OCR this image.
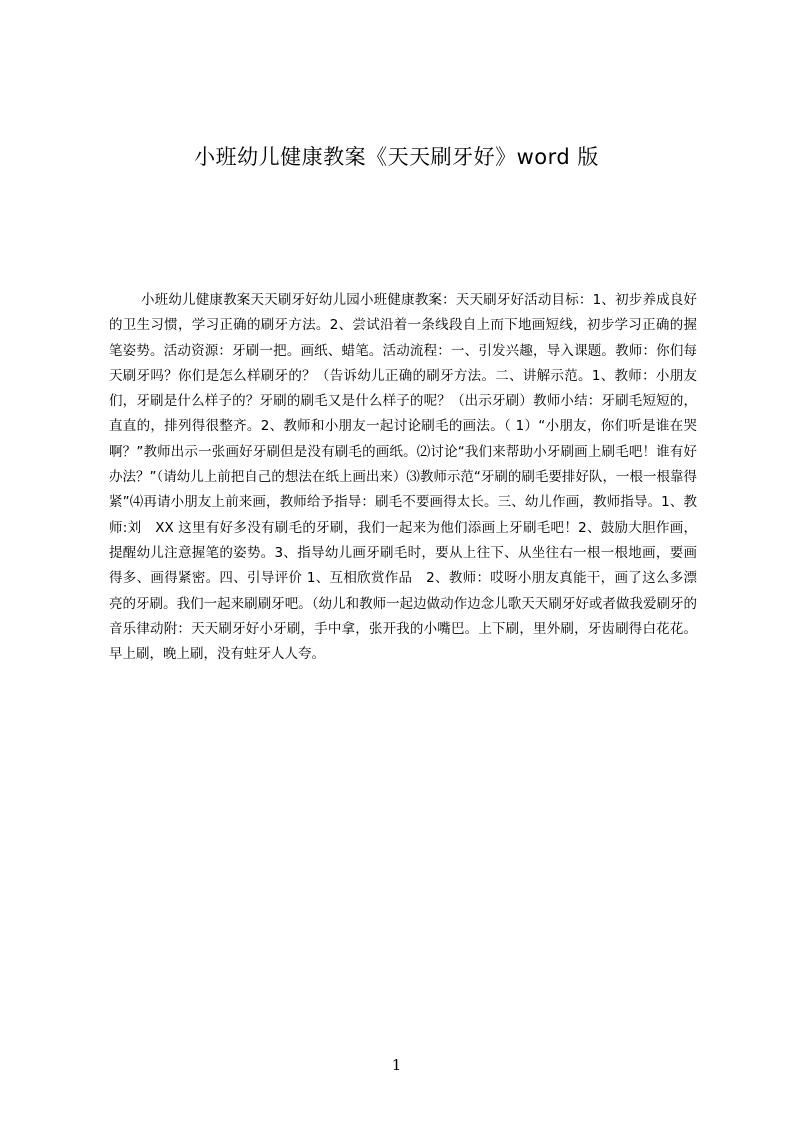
小班幼儿健康教案《天天刷牙好》word 版

小班幼儿健康教案天天刷牙好幼儿园小班健康教案：天天刷牙好活动目标：1、初步养成良好的卫生习惯，学习正确的刷牙方法。2、尝试沿着一条线段自上而下地画短线，初步学习正确的握笔姿势。活动资源：牙刷一把。画纸、蜡笔。活动流程：一、引发兴趣，导入课题。教师：你们每天刷牙吗？你们是怎么样刷牙的？（告诉幼儿正确的刷牙方法。二、讲解示范。1、教师：小朋友们，牙刷是什么样子的？牙刷的刷毛又是什么样子的呢？（出示牙刷）教师小结：牙刷毛短短的，直直的，排列得很整齐。2、教师和小朋友一起讨论刷毛的画法。（ 1）“小朋友，你们听是谁在哭啊？”教师出示一张画好牙刷但是没有刷毛的画纸。⑵讨论“我们来帮助小牙刷画上刷毛吧！谁有好办法？”（请幼儿上前把自己的想法在纸上画出来）⑶教师示范“牙刷的刷毛要排好队，一根一根靠得紧”⑷再请小朋友上前来画，教师给予指导：刷毛不要画得太长。三、幼儿作画，教师指导。1、教师:刘　XX 这里有好多没有刷毛的牙刷，我们一起来为他们添画上牙刷毛吧！2、鼓励大胆作画，提醒幼儿注意握笔的姿势。3、指导幼儿画牙刷毛时，要从上往下、从坐往右一根一根地画，要画得多、画得紧密。四、引导评价 1、互相欣赏作品　2、教师：哎呀小朋友真能干，画了这么多漂亮的牙刷。我们一起来刷刷牙吧。（幼儿和教师一起边做动作边念儿歌天天刷牙好或者做我爱刷牙的音乐律动附：天天刷牙好小牙刷，手中拿，张开我的小嘴巴。上下刷，里外刷，牙齿刷得白花花。早上刷，晚上刷，没有蛀牙人人夸。

1
